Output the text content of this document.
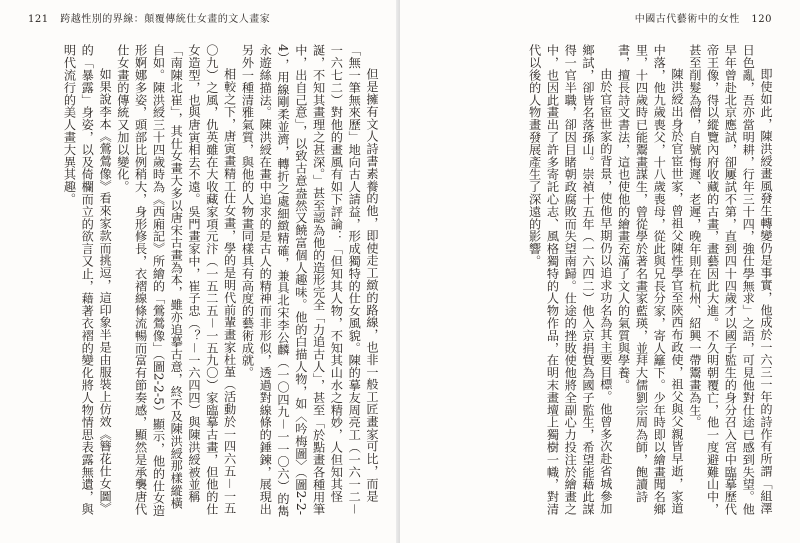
121 跨越性別的界線：顛覆傳統仕女畫的文人畫家

但是擁有文人詩書素養的他，即使走工緻的路線，也非一般工匠畫家可比，而是「無一筆無來歷」地向古人請益，形成獨特的仕女風貌。陳的摹友周亮工（一六一二－一六七二）對他的畫風有如下評論：「但知其人物，不知其山水之精妙，人但知其怪誕，不知其畫理之甚深。」甚至認為他的造形完全「力追古人」，甚至「於點畫各種用筆中，出自己意」，以致古意盎然又饒富個人趣味。他的白描人物，如〈吟梅圖〉（圖2-2-4），用線剛柔並濟，轉折之處細緻精確，兼具北宋李公麟（一〇四九－一一〇六）的雋永遊絲描法。陳洪綬在畫中追求的是古人的精神而非形似，透過對線條的錘鍊，展現出另外一種清雅氣質，與他的人物畫同樣具有高度的藝術成就。

相較之下，唐寅畫精工仕女畫，學的是明代前輩畫家杜堇（活動於一四六五－一五〇九）之風，仇英雖在大收藏家項元汴（一五二五－一五九〇）家臨摹古畫，但他的仕女造型，也與唐寅相去不遠。吳門畫家中，崔子忠（？－一六四四）與陳洪綬被並稱「南陳北崔」，其仕女畫大多以唐宋古畫為本，雖亦追摹古意，終不及陳洪綬那樣縱橫自如。陳洪綬三十四歲時為《西廂記》所繪的「鶯鶯像」（圖2-2-5）顯示，他的仕女造形婀娜多姿，頭部比例稍大，身形修長，衣褶線條流暢而富有節奏感，顯然是承襲唐代仕女畫的傳統又加以變化。

如果說李本《鶯鶯像》看來家款而挑逗，這印象半是由服裝上仿效《簪花仕女圖》的「暴露」身姿，以及倚欄而立的欲言又止，藉著衣褶的變化將人物情思表露無遺，與明代流行的美人畫大異其趣。

中國古代藝術中的女性 120

即使如此，陳洪綬畫風發生轉變仍是事實，他成於一六三一年的詩作有所謂「組澤日色亂，吾亦當明耕，行年三十四，強仕學無求」之語，可見他對仕途已感到失望。他早年曾赴北京應試，卻屢試不第，直到四十四歲才以國子監生的身分召入宮中臨摹歷代帝王像，得以縱覽內府收藏的古畫，畫藝因此大進。不久明朝覆亡，他一度避難山中，甚至削髮為僧，自號悔遲、老遲，晚年則在杭州、紹興一帶鬻畫為生。

陳洪綬出身於官宦世家，曾祖父陳性學官至陝西布政使，祖父與父親皆早逝，家道中落，他九歲喪父，十八歲喪母，從此與兄長分家，寄人籬下。少年時即以繪畫聞名鄉里，十四歲時已能鬻畫謀生，曾從學於著名畫家藍瑛，並拜大儒劉宗周為師，飽讀詩書，擅長詩文書法，這也使他的繪畫充滿了文人的氣質與學養。

由於官宦世家的背景，使他早期仍以追求功名為其主要目標。他曾多次赴省城參加鄉試，卻皆名落孫山。崇禎十五年（一六四二）他入京捐貲為國子監生，希望能藉此謀得一官半職，卻因目睹朝政腐敗而失望南歸。仕途的挫敗使他將全副心力投注於繪畫之中，也因此畫出了許多寄託心志、風格獨特的人物作品，在明末畫壇上獨樹一幟，對清代以後的人物畫發展產生了深遠的影響。
